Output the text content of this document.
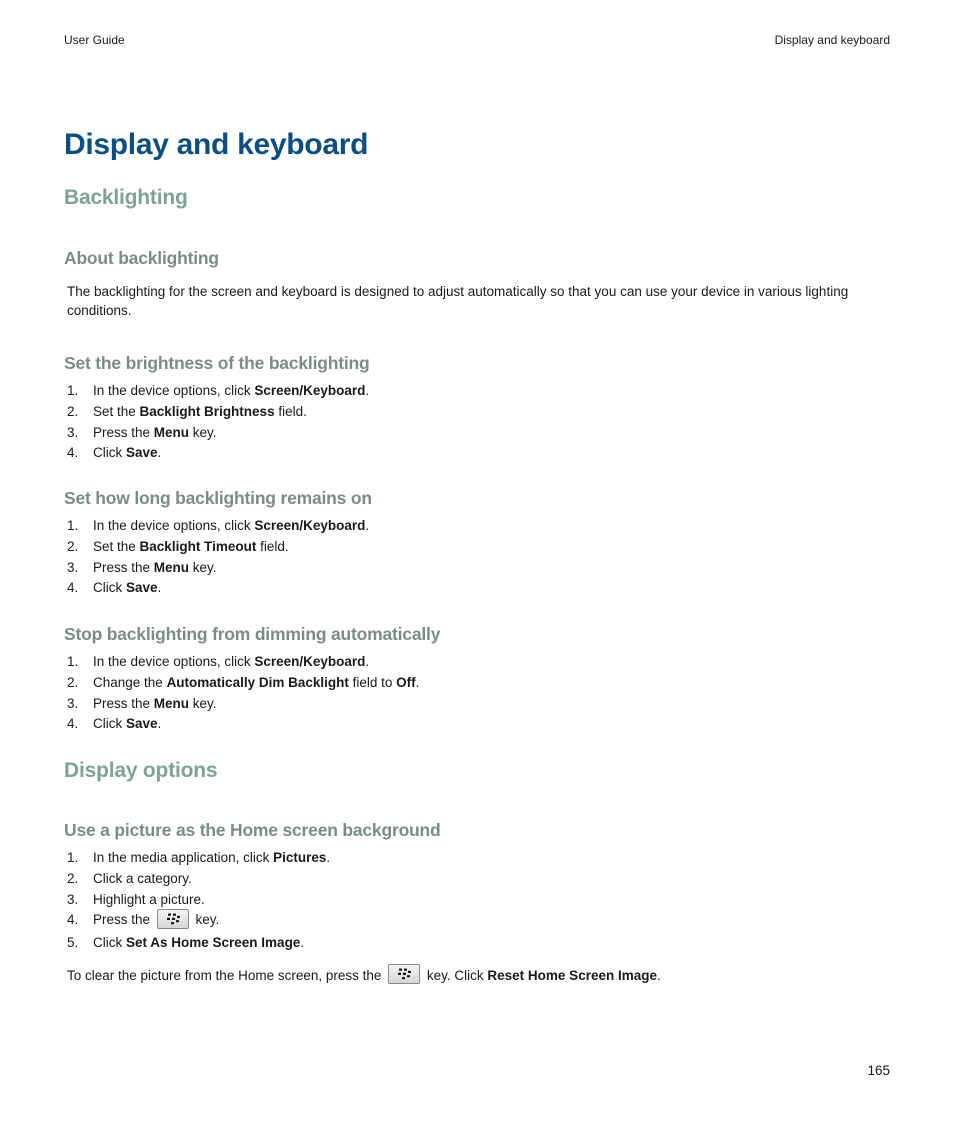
User Guide	Display and keyboard
Display and keyboard
Backlighting
About backlighting
The backlighting for the screen and keyboard is designed to adjust automatically so that you can use your device in various lighting conditions.
Set the brightness of the backlighting
1. In the device options, click Screen/Keyboard.
2. Set the Backlight Brightness field.
3. Press the Menu key.
4. Click Save.
Set how long backlighting remains on
1. In the device options, click Screen/Keyboard.
2. Set the Backlight Timeout field.
3. Press the Menu key.
4. Click Save.
Stop backlighting from dimming automatically
1. In the device options, click Screen/Keyboard.
2. Change the Automatically Dim Backlight field to Off.
3. Press the Menu key.
4. Click Save.
Display options
Use a picture as the Home screen background
1. In the media application, click Pictures.
2. Click a category.
3. Highlight a picture.
4. Press the	key.
5. Click Set As Home Screen Image.
To clear the picture from the Home screen, press the	key. Click Reset Home Screen Image.
165
